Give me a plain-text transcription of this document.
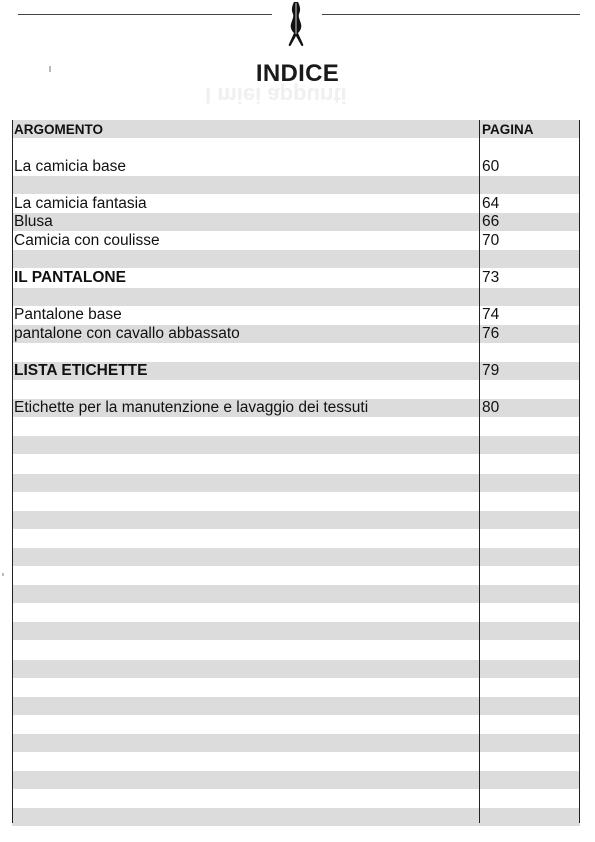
I miei appunti
INDICE
ARGOMENTO	PAGINA
La camicia base	60
La camicia fantasia	64
Blusa	66
Camicia con coulisse	70
IL PANTALONE	73
Pantalone base	74
pantalone con cavallo abbassato	76
LISTA ETICHETTE	79
Etichette per la manutenzione e lavaggio dei tessuti	80
